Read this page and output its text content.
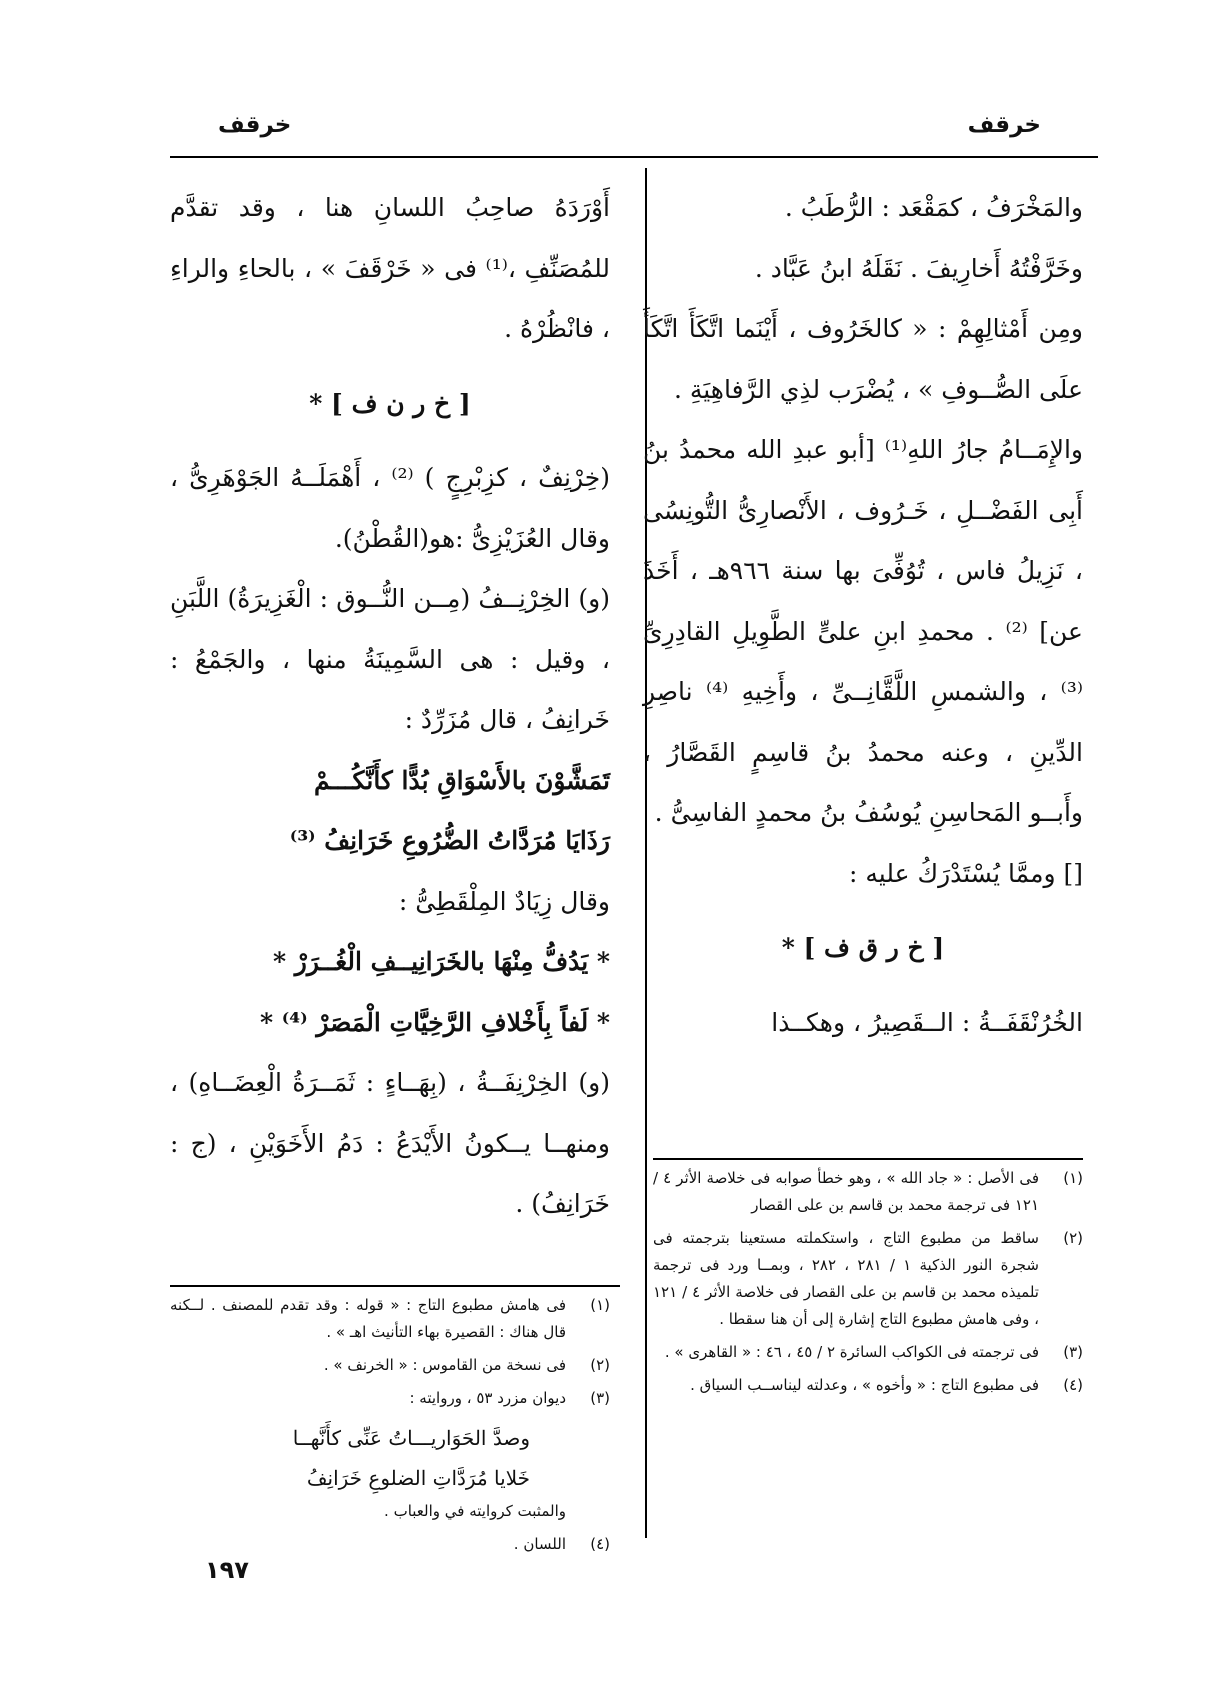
خرقف
خرقف

والمَخْرَفُ ، كمَقْعَد : الرُّطَبُ .

وخَرَّفْتُهُ أَخارِيفَ . نَقَلَهُ ابنُ عَبَّاد .

ومِن أَمْثالِهِمْ : « كالخَرُوف ، أَيْنَما اتَّكَأَ اتَّكَأَ علَى الصُّــوفِ » ، يُضْرَب لذِي الرَّفاهِيَةِ .

والإِمَــامُ جارُ اللهِ⁽¹⁾ [أبو عبدِ الله محمدُ بنُ أَبِى الفَضْــلِ ، خَـرُوف ، الأَنْصارِىُّ التُّونِسُى ، نَزِيلُ فاس ، تُوُفِّىَ بها سنة ٩٦٦هـ ، أَخَذَ عن] ⁽²⁾ . محمدِ ابنِ علىٍّ الطَّوِيلِ القادِرِىِّ ⁽³⁾ ، والشمسِ اللَّقَّانِــىِّ ، وأَخِيهِ ⁽⁴⁾ ناصِرِ الدِّينِ ، وعنه محمدُ بنُ قاسِمٍ القَصَّارُ ، وأَبــو المَحاسِنِ يُوسُفُ بنُ محمدٍ الفاسِىُّ .

[] وممَّا يُسْتَدْرَكُ عليه :

[ خ ر ق ف ] *

الخُرُنْقَفَــةُ : الــقَصِيرُ ، وهكــذا

أَوْرَدَهُ صاحِبُ اللسانِ هنا ، وقد تقدَّم للمُصَنِّفِ ،⁽¹⁾ فى « خَرْقَفَ » ، بالحاءِ والراءِ ، فانْظُرْهُ .

[ خ ر ن ف ] *

(خِرْنِفٌ ، كزِبْرِجٍ ) ⁽²⁾ ، أَهْمَلَــهُ الجَوْهَرِىُّ ، وقال العُزَيْزِىُّ :هو(القُطْنُ).

(و) الخِرْنِــفُ (مِــن النُّــوق : الْغَزِيرَةُ) اللَّبَنِ ، وقيل : هى السَّمِينَةُ منها ، والجَمْعُ : خَرانِفُ ، قال مُزَرِّدٌ :

تَمَشَّوْنَ بالأَسْوَاقِ بُدًّا كأَنَّكُـــمْ

رَذَايَا مُرَدَّاتُ الضُّرُوعِ خَرَانِفُ ⁽³⁾

وقال زِيَادٌ المِلْقَطِىُّ :

* يَدُفُّ مِنْهَا بالخَرَانِيــفِ الْغُــرَرْ *

* لَفاً بِأَخْلافِ الرَّخِيَّاتِ الْمَصَرْ ⁽⁴⁾ *

(و) الخِرْنِفَــةُ ، (بِهَــاءٍ : ثَمَــرَةُ الْعِضَــاهِ) ، ومنهــا يــكونُ الأَيْدَعُ : دَمُ الأَخَوَيْنِ ، (ج : خَرَانِفُ) .

(١)
فى الأصل : « جاد الله » ، وهو خطأ صوابه فى خلاصة الأثر ٤ / ١٢١ فى ترجمة محمد بن قاسم بن على القصار
(٢)
ساقط من مطبوع التاج ، واستكملته مستعينا بترجمته فى شجرة النور الذكية ١ / ٢٨١ ، ٢٨٢ ، وبمــا ورد فى ترجمة تلميذه محمد بن قاسم بن على القصار فى خلاصة الأثر ٤ / ١٢١ ، وفى هامش مطبوع التاج إشارة إلى أن هنا سقطا .
(٣)
فى ترجمته فى الكواكب السائرة ٢ / ٤٥ ، ٤٦ : « القاهرى » .
(٤)
فى مطبوع التاج : « وأخوه » ، وعدلته ليناســب السياق .
(١)
فى هامش مطبوع التاج : « قوله : وقد تقدم للمصنف . لــكنه قال هناك : القصيرة بهاء التأنيث اهـ » .
(٢)
فى نسخة من القاموس : « الخرنف » .
(٣)
ديوان مزرد ٥٣ ، وروايته :
وصدَّ الحَوَاريـــاتُ عَنِّى كأَنَّهــا
خَلايا مُرَدَّاتِ الضلوعِ خَرَانِفُ
والمثبت كروايته في والعباب .
(٤)
اللسان .
١٩٧
